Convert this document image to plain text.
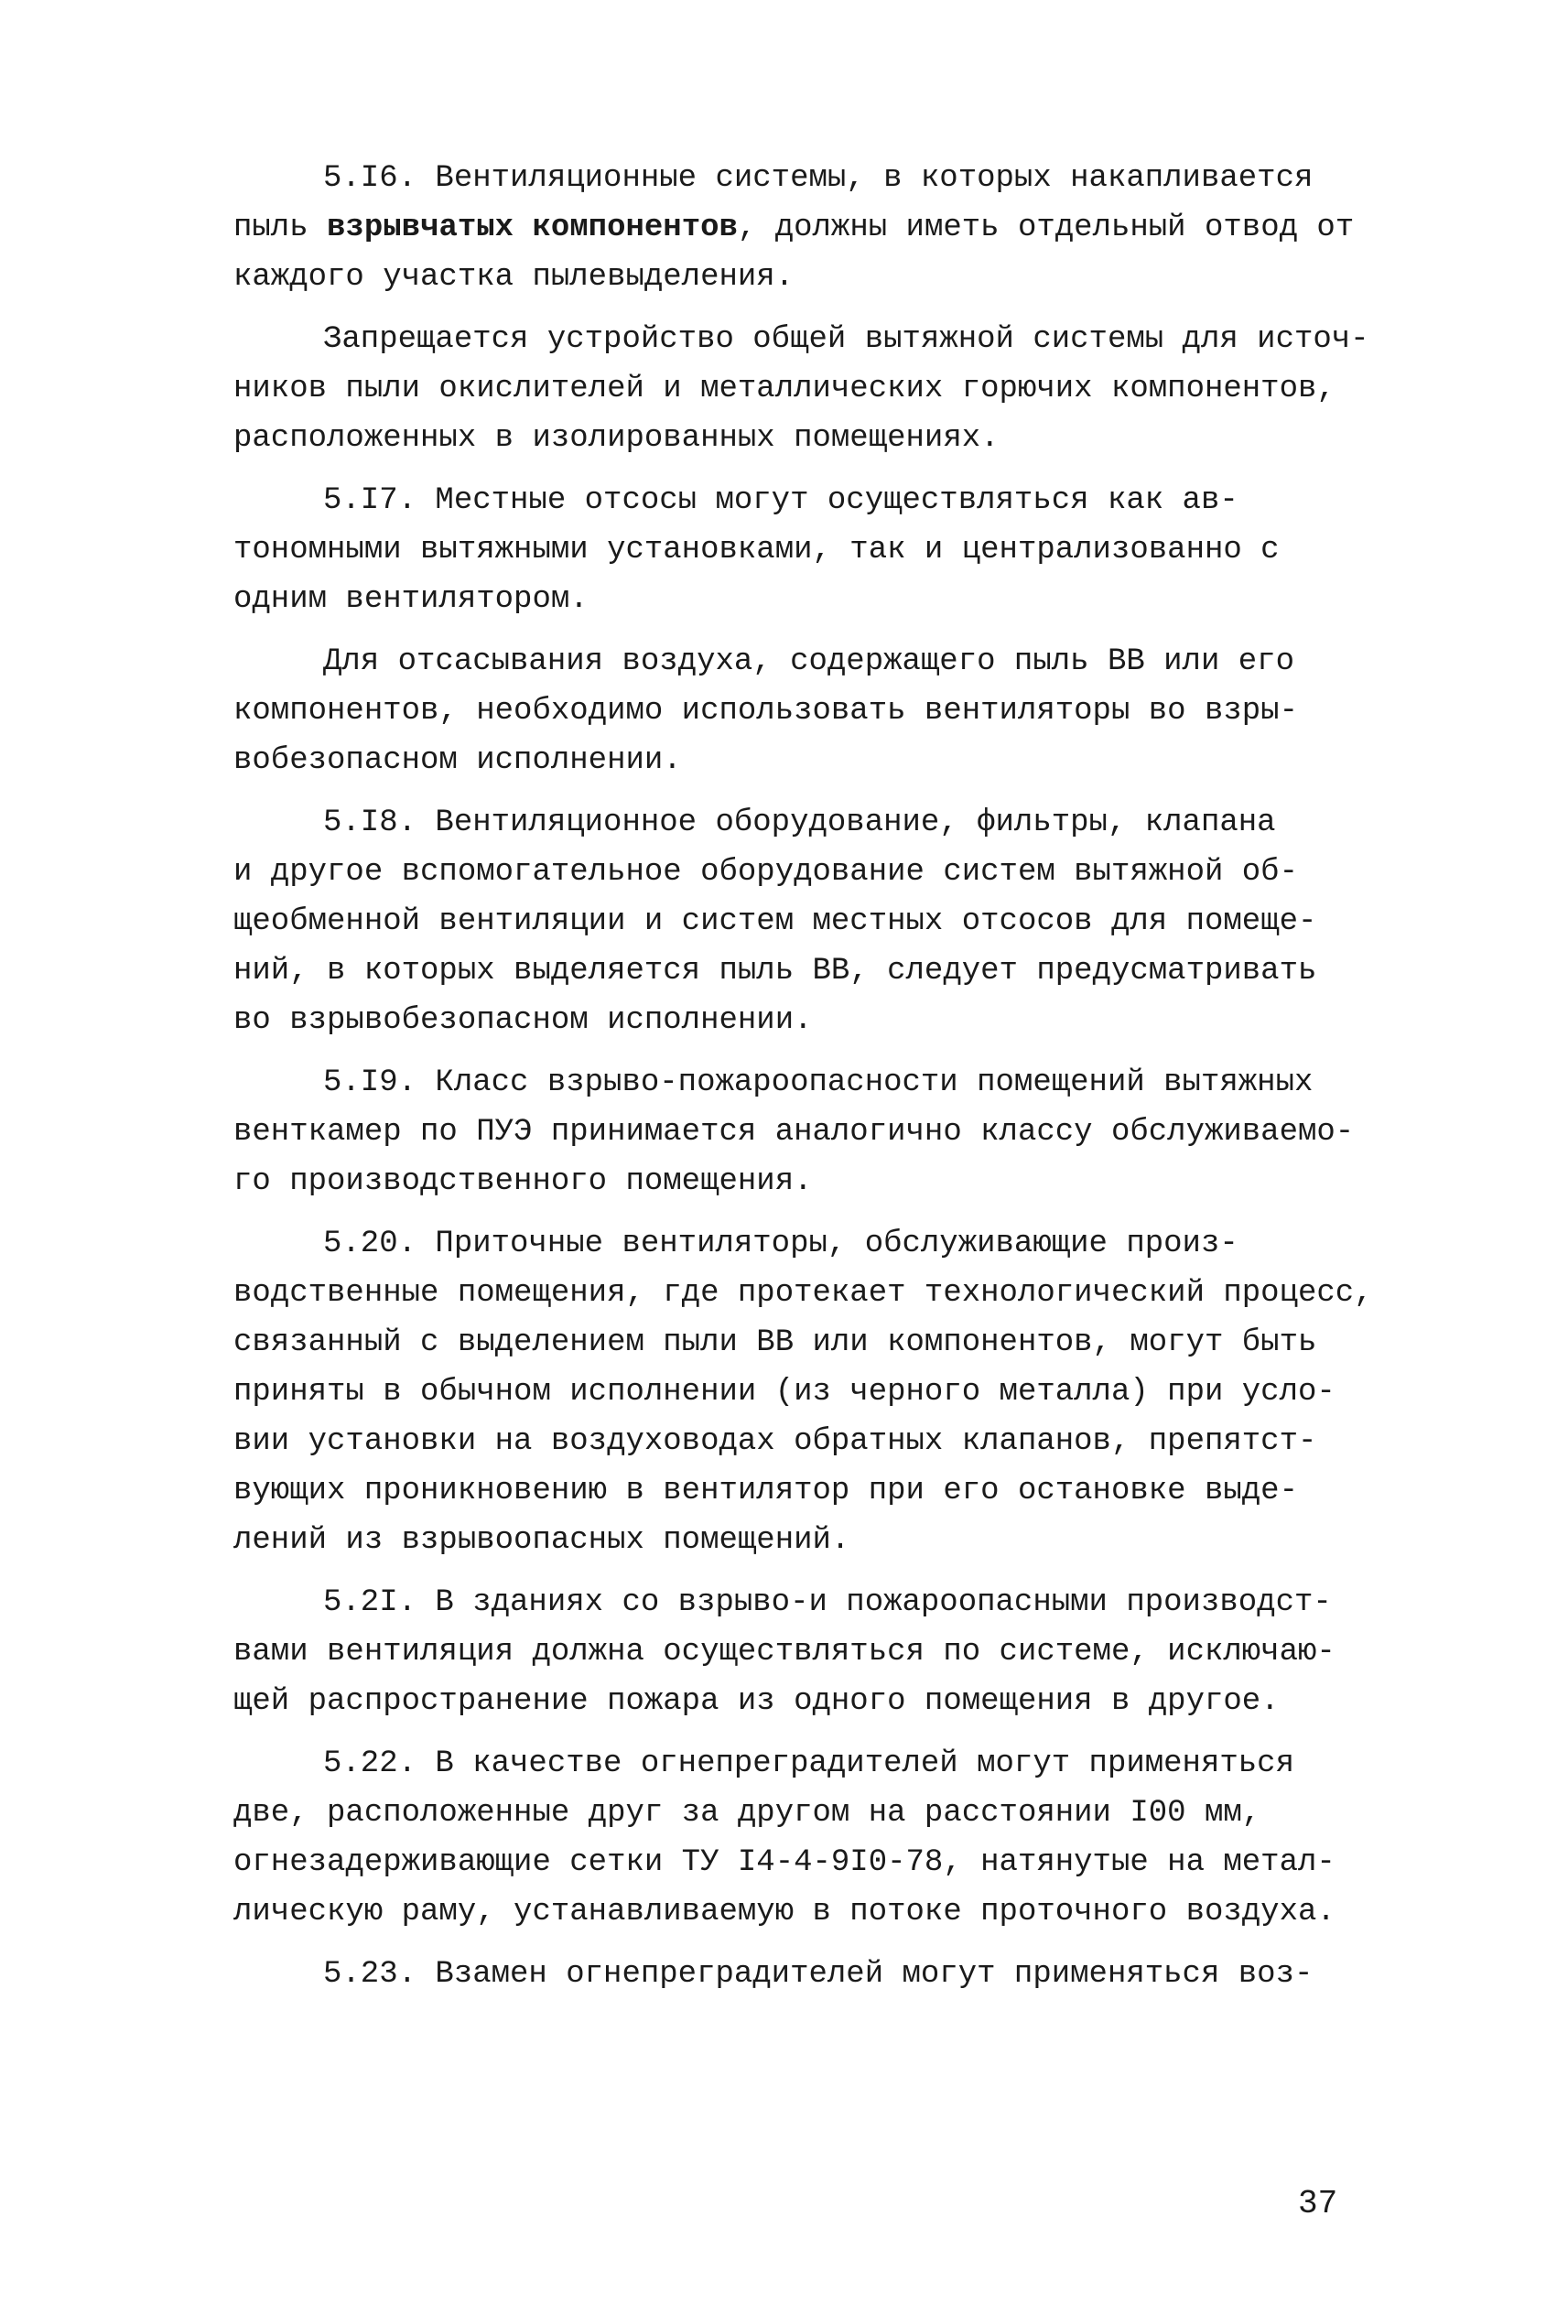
5.I6. Вентиляционные системы, в которых накапливается
пыль взрывчатых компонентов, должны иметь отдельный отвод от
каждого участка пылевыделения.
Запрещается устройство общей вытяжной системы для источ-
ников пыли окислителей и металлических горючих компонентов,
расположенных в изолированных помещениях.
5.I7. Местные отсосы могут осуществляться как ав-
тономными вытяжными установками, так и централизованно с
одним вентилятором.
Для отсасывания воздуха, содержащего пыль ВВ или его
компонентов, необходимо использовать вентиляторы во взры-
вобезопасном исполнении.
5.I8. Вентиляционное оборудование, фильтры, клапана
и другое вспомогательное оборудование систем вытяжной об-
щеобменной вентиляции и систем местных отсосов для помеще-
ний, в которых выделяется пыль ВВ, следует предусматривать
во взрывобезопасном исполнении.
5.I9. Класс взрыво-пожароопасности помещений вытяжных
венткамер по ПУЭ принимается аналогично классу обслуживаемо-
го производственного помещения.
5.20. Приточные вентиляторы, обслуживающие произ-
водственные помещения, где протекает технологический процесс,
связанный с выделением пыли ВВ или компонентов, могут быть
приняты в обычном исполнении (из черного металла) при усло-
вии установки на воздуховодах обратных клапанов, препятст-
вующих проникновению в вентилятор при его остановке выде-
лений из взрывоопасных помещений.
5.2I. В зданиях со взрыво-и пожароопасными производст-
вами вентиляция должна осуществляться по системе, исключаю-
щей распространение пожара из одного помещения в другое.
5.22. В качестве огнепреградителей могут применяться
две, расположенные друг за другом на расстоянии I00 мм,
огнезадерживающие сетки ТУ I4-4-9I0-78, натянутые на метал-
лическую раму, устанавливаемую в потоке проточного воздуха.
5.23. Взамен огнепреградителей могут применяться воз-
37
